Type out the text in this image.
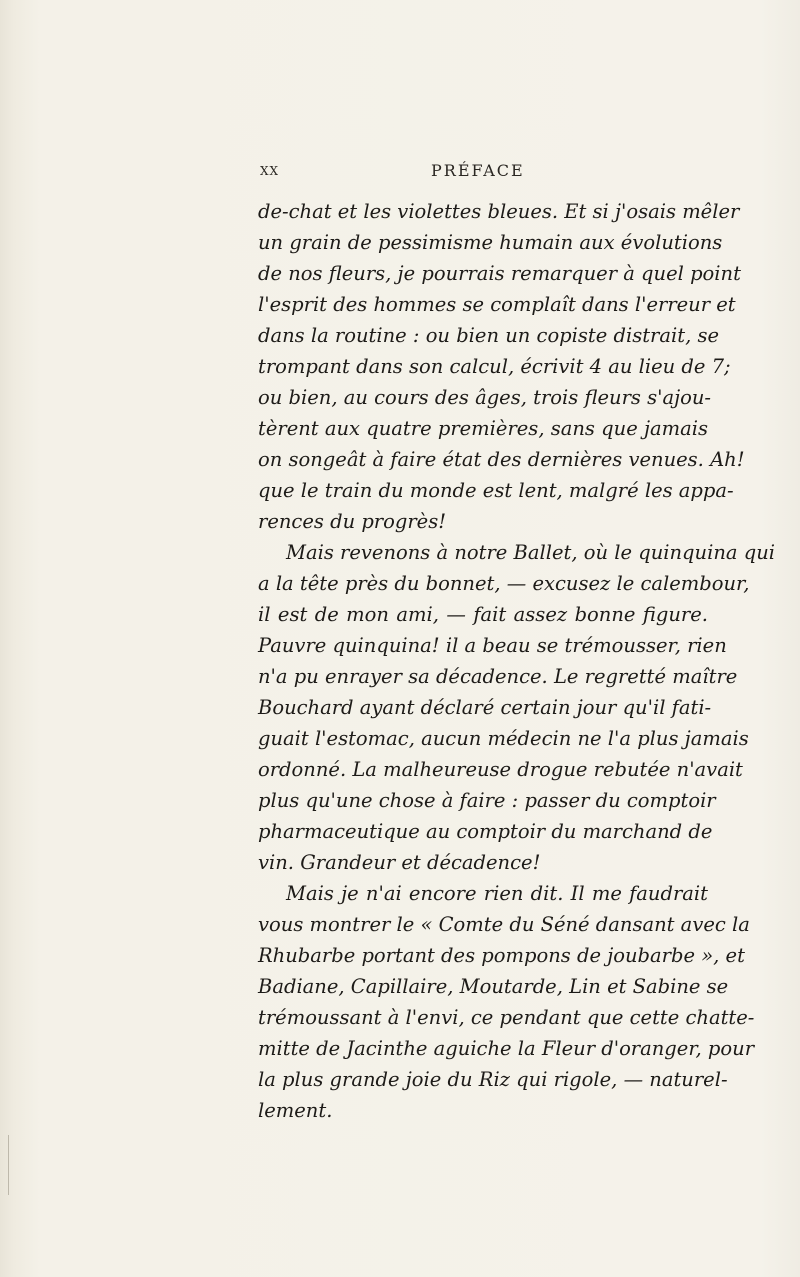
XX	PRÉFACE
de-chat et les violettes bleues. Et si j'osais mêler
un grain de pessimisme humain aux évolutions
de nos fleurs, je pourrais remarquer à quel point
l'esprit des hommes se complaît dans l'erreur et
dans la routine : ou bien un copiste distrait, se
trompant dans son calcul, écrivit 4 au lieu de 7;
ou bien, au cours des âges, trois fleurs s'ajou-
tèrent aux quatre premières, sans que jamais
on songeât à faire état des dernières venues. Ah!
que le train du monde est lent, malgré les appa-
rences du progrès!
Mais revenons à notre Ballet, où le quinquina qui
a la tête près du bonnet, — excusez le calembour,
il est de mon ami, — fait assez bonne figure.
Pauvre quinquina! il a beau se trémousser, rien
n'a pu enrayer sa décadence. Le regretté maître
Bouchard ayant déclaré certain jour qu'il fati-
guait l'estomac, aucun médecin ne l'a plus jamais
ordonné. La malheureuse drogue rebutée n'avait
plus qu'une chose à faire : passer du comptoir
pharmaceutique au comptoir du marchand de
vin. Grandeur et décadence!
Mais je n'ai encore rien dit. Il me faudrait
vous montrer le « Comte du Séné dansant avec la
Rhubarbe portant des pompons de joubarbe », et
Badiane, Capillaire, Moutarde, Lin et Sabine se
trémoussant à l'envi, ce pendant que cette chatte-
mitte de Jacinthe aguiche la Fleur d'oranger, pour
la plus grande joie du Riz qui rigole, — naturel-
lement.
